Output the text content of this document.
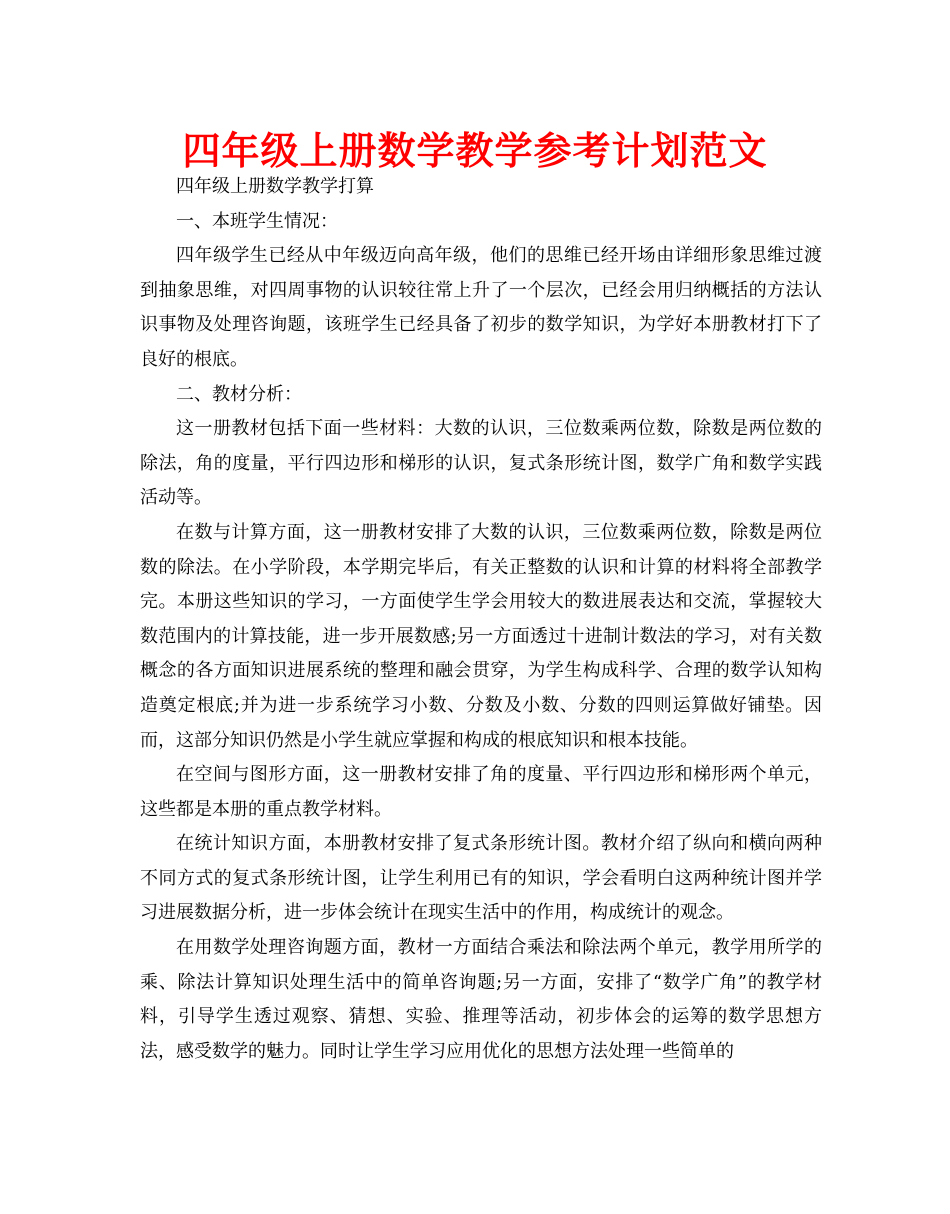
四年级上册数学教学参考计划范文

四年级上册数学教学打算

一、本班学生情况：

四年级学生已经从中年级迈向高年级，他们的思维已经开场由详细形象思维过渡到抽象思维，对四周事物的认识较往常上升了一个层次，已经会用归纳概括的方法认识事物及处理咨询题，该班学生已经具备了初步的数学知识，为学好本册教材打下了良好的根底。

二、教材分析：

这一册教材包括下面一些材料：大数的认识，三位数乘两位数，除数是两位数的除法，角的度量，平行四边形和梯形的认识，复式条形统计图，数学广角和数学实践活动等。

在数与计算方面，这一册教材安排了大数的认识，三位数乘两位数，除数是两位数的除法。在小学阶段，本学期完毕后，有关正整数的认识和计算的材料将全部教学完。本册这些知识的学习，一方面使学生学会用较大的数进展表达和交流，掌握较大数范围内的计算技能，进一步开展数感;另一方面透过十进制计数法的学习，对有关数概念的各方面知识进展系统的整理和融会贯穿，为学生构成科学、合理的数学认知构造奠定根底;并为进一步系统学习小数、分数及小数、分数的四则运算做好铺垫。因而，这部分知识仍然是小学生就应掌握和构成的根底知识和根本技能。

在空间与图形方面，这一册教材安排了角的度量、平行四边形和梯形两个单元，这些都是本册的重点教学材料。

在统计知识方面，本册教材安排了复式条形统计图。教材介绍了纵向和横向两种不同方式的复式条形统计图，让学生利用已有的知识，学会看明白这两种统计图并学习进展数据分析，进一步体会统计在现实生活中的作用，构成统计的观念。

在用数学处理咨询题方面，教材一方面结合乘法和除法两个单元，教学用所学的乘、除法计算知识处理生活中的简单咨询题;另一方面，安排了“数学广角”的教学材料，引导学生透过观察、猜想、实验、推理等活动，初步体会的运筹的数学思想方法，感受数学的魅力。同时让学生学习应用优化的思想方法处理一些简单的
